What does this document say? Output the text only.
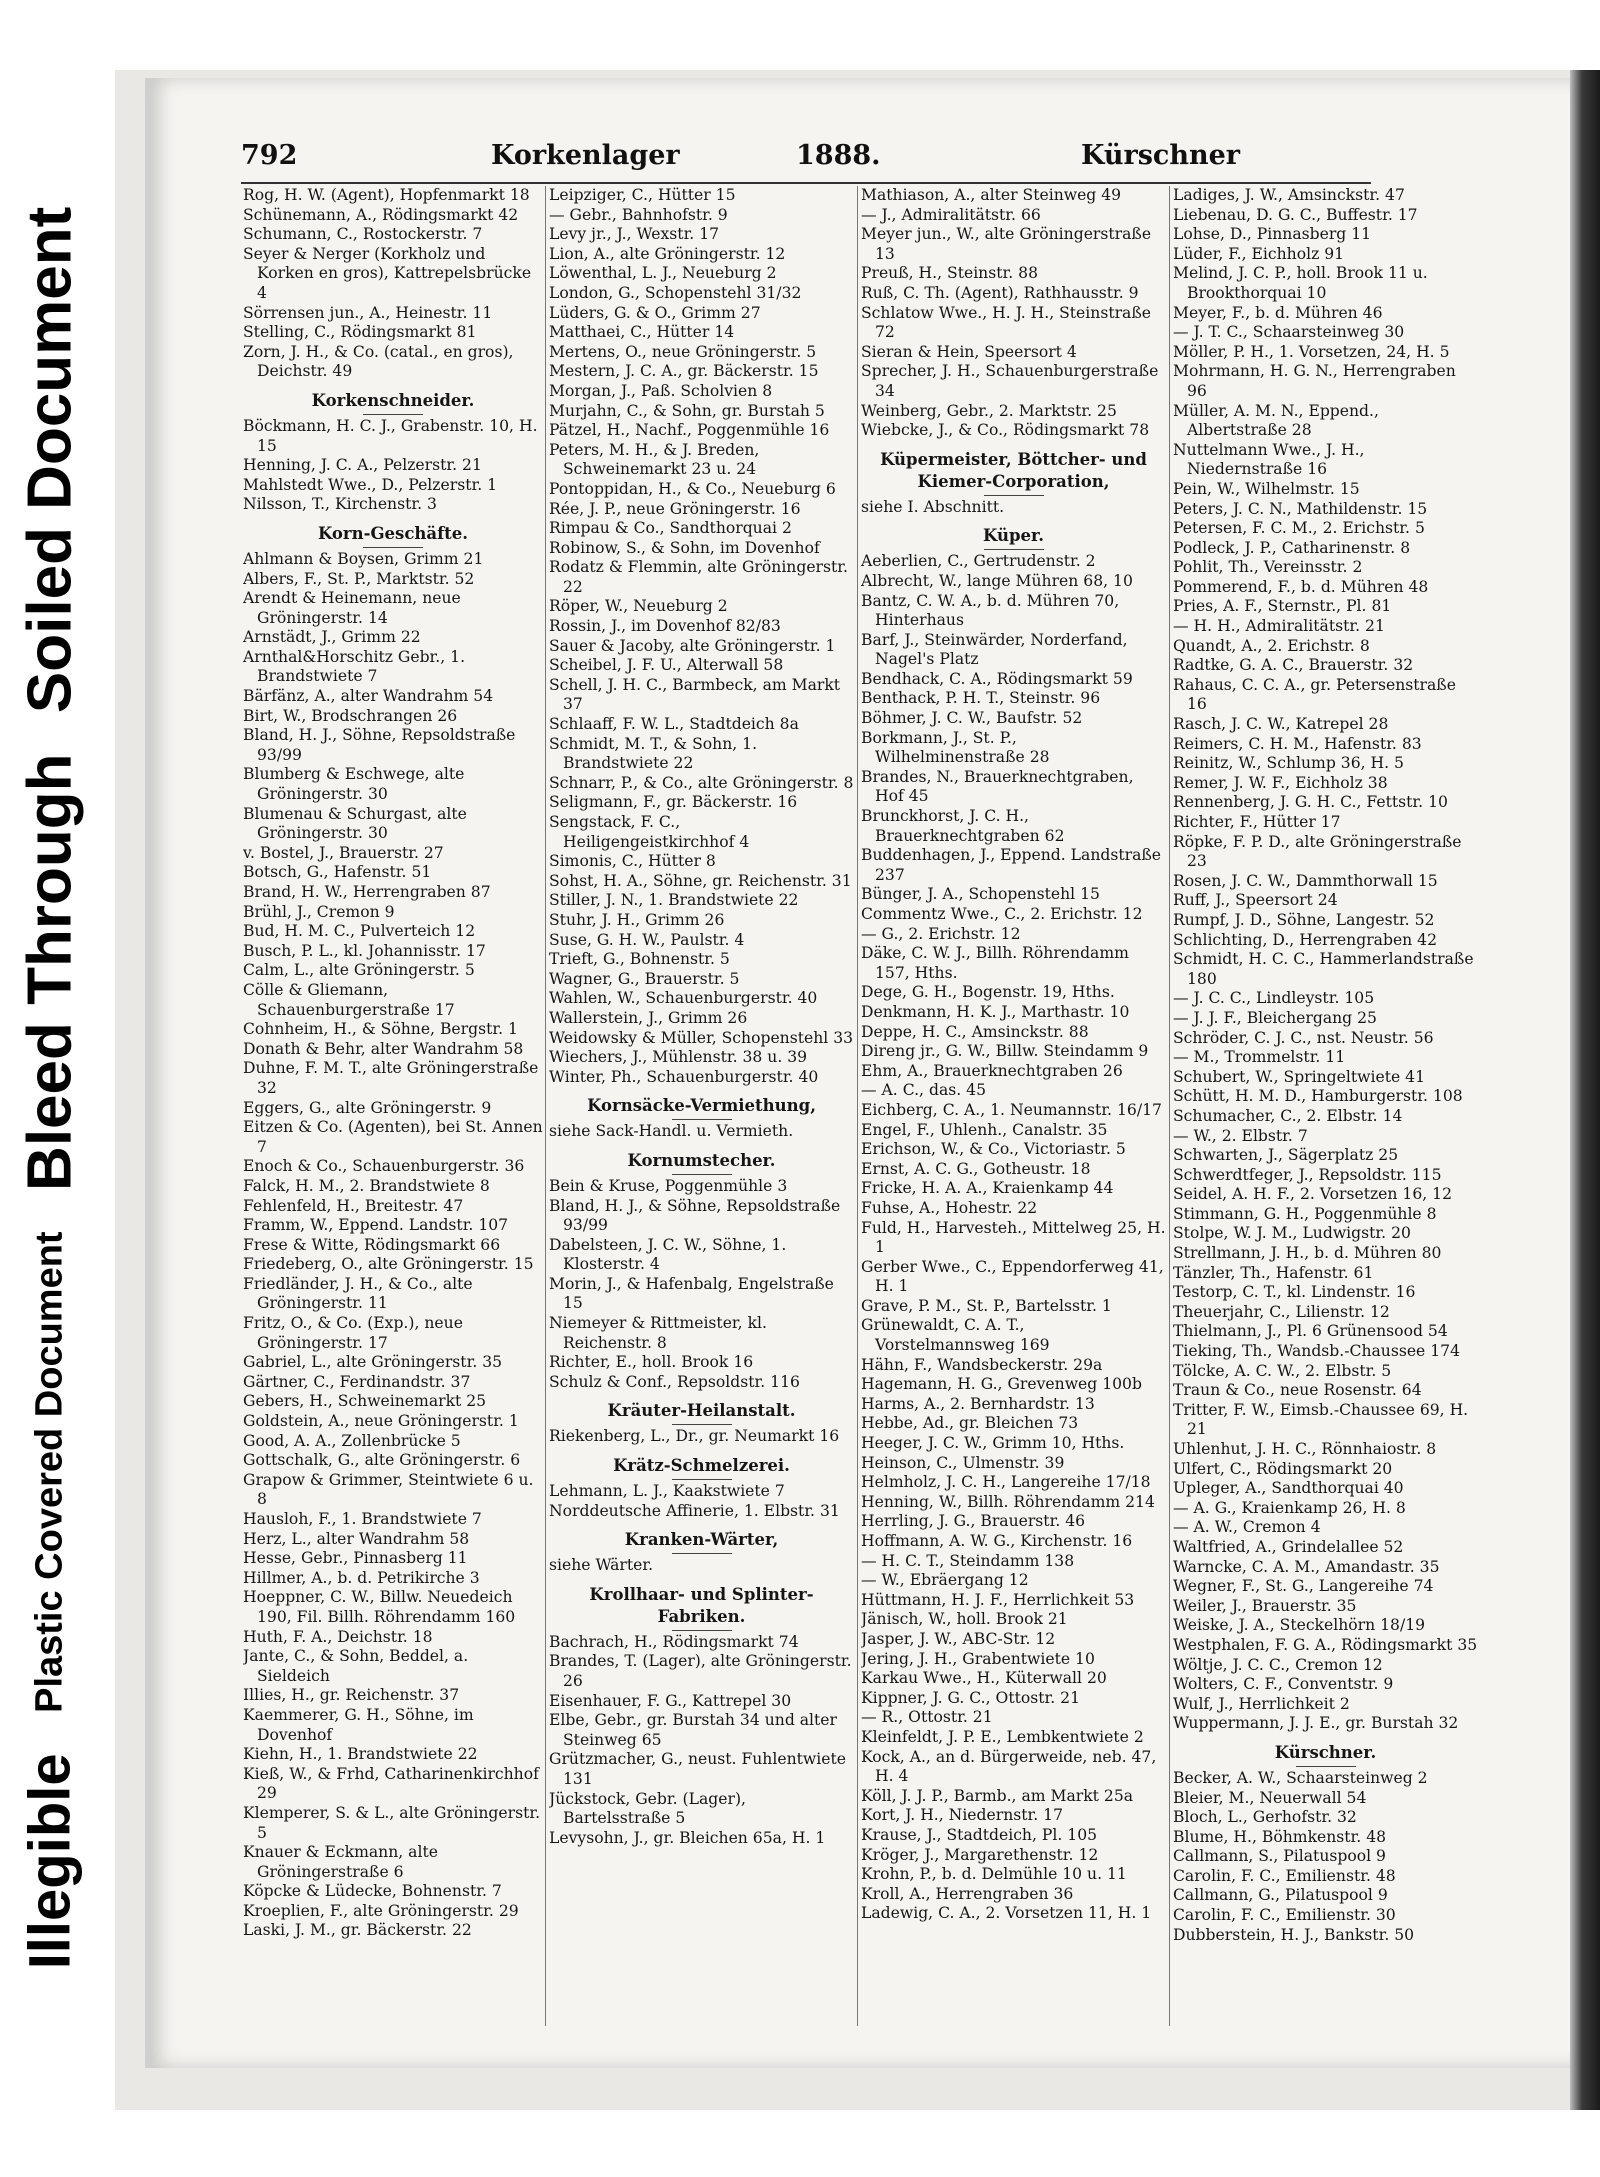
Illegible Plastic Covered Document Bleed Through Soiled Document
792	Korkenlager	1888.	Kürschner
Rog, H. W. (Agent), Hopfenmarkt 18
Schünemann, A., Rödingsmarkt 42
Schumann, C., Rostockerstr. 7
Seyer & Nerger (Korkholz und Korken en gros), Kattrepelsbrücke 4
Sörrensen jun., A., Heinestr. 11
Stelling, C., Rödingsmarkt 81
Zorn, J. H., & Co. (catal., en gros), Deichstr. 49
Korkenschneider.
Böckmann, H. C. J., Grabenstr. 10, H. 15
Henning, J. C. A., Pelzerstr. 21
Mahlstedt Wwe., D., Pelzerstr. 1
Nilsson, T., Kirchenstr. 3
Korn-Geschäfte.
Ahlmann & Boysen, Grimm 21
Albers, F., St. P., Marktstr. 52
Arendt & Heinemann, neue Gröningerstr. 14
Arnstädt, J., Grimm 22
Arnthal&Horschitz Gebr., 1. Brandstwiete 7
Bärfänz, A., alter Wandrahm 54
Birt, W., Brodschrangen 26
Bland, H. J., Söhne, Repsoldstraße 93/99
Blumberg & Eschwege, alte Gröningerstr. 30
Blumenau & Schurgast, alte Gröningerstr. 30
v. Bostel, J., Brauerstr. 27
Botsch, G., Hafenstr. 51
Brand, H. W., Herrengraben 87
Brühl, J., Cremon 9
Bud, H. M. C., Pulverteich 12
Busch, P. L., kl. Johannisstr. 17
Calm, L., alte Gröningerstr. 5
Cölle & Gliemann, Schauenburgerstraße 17
Cohnheim, H., & Söhne, Bergstr. 1
Donath & Behr, alter Wandrahm 58
Duhne, F. M. T., alte Gröningerstraße 32
Eggers, G., alte Gröningerstr. 9
Eitzen & Co. (Agenten), bei St. Annen 7
Enoch & Co., Schauenburgerstr. 36
Falck, H. M., 2. Brandstwiete 8
Fehlenfeld, H., Breitestr. 47
Framm, W., Eppend. Landstr. 107
Frese & Witte, Rödingsmarkt 66
Friedeberg, O., alte Gröningerstr. 15
Friedländer, J. H., & Co., alte Gröningerstr. 11
Fritz, O., & Co. (Exp.), neue Gröningerstr. 17
Gabriel, L., alte Gröningerstr. 35
Gärtner, C., Ferdinandstr. 37
Gebers, H., Schweinemarkt 25
Goldstein, A., neue Gröningerstr. 1
Good, A. A., Zollenbrücke 5
Gottschalk, G., alte Gröningerstr. 6
Grapow & Grimmer, Steintwiete 6 u. 8
Hausloh, F., 1. Brandstwiete 7
Herz, L., alter Wandrahm 58
Hesse, Gebr., Pinnasberg 11
Hillmer, A., b. d. Petrikirche 3
Hoeppner, C. W., Billw. Neuedeich 190, Fil. Billh. Röhrendamm 160
Huth, F. A., Deichstr. 18
Jante, C., & Sohn, Beddel, a. Sieldeich
Illies, H., gr. Reichenstr. 37
Kaemmerer, G. H., Söhne, im Dovenhof
Kiehn, H., 1. Brandstwiete 22
Kieß, W., & Frhd, Catharinenkirchhof 29
Klemperer, S. & L., alte Gröningerstr. 5
Knauer & Eckmann, alte Gröningerstraße 6
Köpcke & Lüdecke, Bohnenstr. 7
Kroeplien, F., alte Gröningerstr. 29
Laski, J. M., gr. Bäckerstr. 22
Leipziger, C., Hütter 15
— Gebr., Bahnhofstr. 9
Levy jr., J., Wexstr. 17
Lion, A., alte Gröningerstr. 12
Löwenthal, L. J., Neueburg 2
London, G., Schopenstehl 31/32
Lüders, G. & O., Grimm 27
Matthaei, C., Hütter 14
Mertens, O., neue Gröningerstr. 5
Mestern, J. C. A., gr. Bäckerstr. 15
Morgan, J., Paß. Scholvien 8
Murjahn, C., & Sohn, gr. Burstah 5
Pätzel, H., Nachf., Poggenmühle 16
Peters, M. H., & J. Breden, Schweinemarkt 23 u. 24
Pontoppidan, H., & Co., Neueburg 6
Rée, J. P., neue Gröningerstr. 16
Rimpau & Co., Sandthorquai 2
Robinow, S., & Sohn, im Dovenhof
Rodatz & Flemmin, alte Gröningerstr. 22
Röper, W., Neueburg 2
Rossin, J., im Dovenhof 82/83
Sauer & Jacoby, alte Gröningerstr. 1
Scheibel, J. F. U., Alterwall 58
Schell, J. H. C., Barmbeck, am Markt 37
Schlaaff, F. W. L., Stadtdeich 8a
Schmidt, M. T., & Sohn, 1. Brandstwiete 22
Schnarr, P., & Co., alte Gröningerstr. 8
Seligmann, F., gr. Bäckerstr. 16
Sengstack, F. C., Heiligengeistkirchhof 4
Simonis, C., Hütter 8
Sohst, H. A., Söhne, gr. Reichenstr. 31
Stiller, J. N., 1. Brandstwiete 22
Stuhr, J. H., Grimm 26
Suse, G. H. W., Paulstr. 4
Trieft, G., Bohnenstr. 5
Wagner, G., Brauerstr. 5
Wahlen, W., Schauenburgerstr. 40
Wallerstein, J., Grimm 26
Weidowsky & Müller, Schopenstehl 33
Wiechers, J., Mühlenstr. 38 u. 39
Winter, Ph., Schauenburgerstr. 40
Kornsäcke-Vermiethung,
siehe Sack-Handl. u. Vermieth.
Kornumstecher.
Bein & Kruse, Poggenmühle 3
Bland, H. J., & Söhne, Repsoldstraße 93/99
Dabelsteen, J. C. W., Söhne, 1. Klosterstr. 4
Morin, J., & Hafenbalg, Engelstraße 15
Niemeyer & Rittmeister, kl. Reichenstr. 8
Richter, E., holl. Brook 16
Schulz & Conf., Repsoldstr. 116
Kräuter-Heilanstalt.
Riekenberg, L., Dr., gr. Neumarkt 16
Krätz-Schmelzerei.
Lehmann, L. J., Kaakstwiete 7
Norddeutsche Affinerie, 1. Elbstr. 31
Kranken-Wärter,
siehe Wärter.
Krollhaar- und Splinter-Fabriken.
Bachrach, H., Rödingsmarkt 74
Brandes, T. (Lager), alte Gröningerstr. 26
Eisenhauer, F. G., Kattrepel 30
Elbe, Gebr., gr. Burstah 34 und alter Steinweg 65
Grützmacher, G., neust. Fuhlentwiete 131
Jückstock, Gebr. (Lager), Bartelsstraße 5
Levysohn, J., gr. Bleichen 65a, H. 1
Mathiason, A., alter Steinweg 49
— J., Admiralitätstr. 66
Meyer jun., W., alte Gröningerstraße 13
Preuß, H., Steinstr. 88
Ruß, C. Th. (Agent), Rathhausstr. 9
Schlatow Wwe., H. J. H., Steinstraße 72
Sieran & Hein, Speersort 4
Sprecher, J. H., Schauenburgerstraße 34
Weinberg, Gebr., 2. Marktstr. 25
Wiebcke, J., & Co., Rödingsmarkt 78
Küpermeister, Böttcher- und Kiemer-Corporation,
siehe I. Abschnitt.
Küper.
Aeberlien, C., Gertrudenstr. 2
Albrecht, W., lange Mühren 68, 10
Bantz, C. W. A., b. d. Mühren 70, Hinterhaus
Barf, J., Steinwärder, Norderfand, Nagel's Platz
Bendhack, C. A., Rödingsmarkt 59
Benthack, P. H. T., Steinstr. 96
Böhmer, J. C. W., Baufstr. 52
Borkmann, J., St. P., Wilhelminenstraße 28
Brandes, N., Brauerknechtgraben, Hof 45
Brunckhorst, J. C. H., Brauerknechtgraben 62
Buddenhagen, J., Eppend. Landstraße 237
Bünger, J. A., Schopenstehl 15
Commentz Wwe., C., 2. Erichstr. 12
— G., 2. Erichstr. 12
Däke, C. W. J., Billh. Röhrendamm 157, Hths.
Dege, G. H., Bogenstr. 19, Hths.
Denkmann, H. K. J., Marthastr. 10
Deppe, H. C., Amsinckstr. 88
Direng jr., G. W., Billw. Steindamm 9
Ehm, A., Brauerknechtgraben 26
— A. C., das. 45
Eichberg, C. A., 1. Neumannstr. 16/17
Engel, F., Uhlenh., Canalstr. 35
Erichson, W., & Co., Victoriastr. 5
Ernst, A. C. G., Gotheustr. 18
Fricke, H. A. A., Kraienkamp 44
Fuhse, A., Hohestr. 22
Fuld, H., Harvesteh., Mittelweg 25, H. 1
Gerber Wwe., C., Eppendorferweg 41, H. 1
Grave, P. M., St. P., Bartelsstr. 1
Grünewaldt, C. A. T., Vorstelmannsweg 169
Hähn, F., Wandsbeckerstr. 29a
Hagemann, H. G., Grevenweg 100b
Harms, A., 2. Bernhardstr. 13
Hebbe, Ad., gr. Bleichen 73
Heeger, J. C. W., Grimm 10, Hths.
Heinson, C., Ulmenstr. 39
Helmholz, J. C. H., Langereihe 17/18
Henning, W., Billh. Röhrendamm 214
Herrling, J. G., Brauerstr. 46
Hoffmann, A. W. G., Kirchenstr. 16
— H. C. T., Steindamm 138
— W., Ebräergang 12
Hüttmann, H. J. F., Herrlichkeit 53
Jänisch, W., holl. Brook 21
Jasper, J. W., ABC-Str. 12
Jering, J. H., Grabentwiete 10
Karkau Wwe., H., Küterwall 20
Kippner, J. G. C., Ottostr. 21
— R., Ottostr. 21
Kleinfeldt, J. P. E., Lembkentwiete 2
Kock, A., an d. Bürgerweide, neb. 47, H. 4
Köll, J. J. P., Barmb., am Markt 25a
Kort, J. H., Niedernstr. 17
Krause, J., Stadtdeich, Pl. 105
Kröger, J., Margarethenstr. 12
Krohn, P., b. d. Delmühle 10 u. 11
Kroll, A., Herrengraben 36
Ladewig, C. A., 2. Vorsetzen 11, H. 1
Ladiges, J. W., Amsinckstr. 47
Liebenau, D. G. C., Buffestr. 17
Lohse, D., Pinnasberg 11
Lüder, F., Eichholz 91
Melind, J. C. P., holl. Brook 11 u. Brookthorquai 10
Meyer, F., b. d. Mühren 46
— J. T. C., Schaarsteinweg 30
Möller, P. H., 1. Vorsetzen, 24, H. 5
Mohrmann, H. G. N., Herrengraben 96
Müller, A. M. N., Eppend., Albertstraße 28
Nuttelmann Wwe., J. H., Niedernstraße 16
Pein, W., Wilhelmstr. 15
Peters, J. C. N., Mathildenstr. 15
Petersen, F. C. M., 2. Erichstr. 5
Podleck, J. P., Catharinenstr. 8
Pohlit, Th., Vereinsstr. 2
Pommerend, F., b. d. Mühren 48
Pries, A. F., Sternstr., Pl. 81
— H. H., Admiralitätstr. 21
Quandt, A., 2. Erichstr. 8
Radtke, G. A. C., Brauerstr. 32
Rahaus, C. C. A., gr. Petersenstraße 16
Rasch, J. C. W., Katrepel 28
Reimers, C. H. M., Hafenstr. 83
Reinitz, W., Schlump 36, H. 5
Remer, J. W. F., Eichholz 38
Rennenberg, J. G. H. C., Fettstr. 10
Richter, F., Hütter 17
Röpke, F. P. D., alte Gröningerstraße 23
Rosen, J. C. W., Dammthorwall 15
Ruff, J., Speersort 24
Rumpf, J. D., Söhne, Langestr. 52
Schlichting, D., Herrengraben 42
Schmidt, H. C. C., Hammerlandstraße 180
— J. C. C., Lindleystr. 105
— J. J. F., Bleichergang 25
Schröder, C. J. C., nst. Neustr. 56
— M., Trommelstr. 11
Schubert, W., Springeltwiete 41
Schütt, H. M. D., Hamburgerstr. 108
Schumacher, C., 2. Elbstr. 14
— W., 2. Elbstr. 7
Schwarten, J., Sägerplatz 25
Schwerdtfeger, J., Repsoldstr. 115
Seidel, A. H. F., 2. Vorsetzen 16, 12
Stimmann, G. H., Poggenmühle 8
Stolpe, W. J. M., Ludwigstr. 20
Strellmann, J. H., b. d. Mühren 80
Tänzler, Th., Hafenstr. 61
Testorp, C. T., kl. Lindenstr. 16
Theuerjahr, C., Lilienstr. 12
Thielmann, J., Pl. 6 Grünensood 54
Tieking, Th., Wandsb.-Chaussee 174
Tölcke, A. C. W., 2. Elbstr. 5
Traun & Co., neue Rosenstr. 64
Tritter, F. W., Eimsb.-Chaussee 69, H. 21
Uhlenhut, J. H. C., Rönnhaiostr. 8
Ulfert, C., Rödingsmarkt 20
Upleger, A., Sandthorquai 40
— A. G., Kraienkamp 26, H. 8
— A. W., Cremon 4
Waltfried, A., Grindelallee 52
Warncke, C. A. M., Amandastr. 35
Wegner, F., St. G., Langereihe 74
Weiler, J., Brauerstr. 35
Weiske, J. A., Steckelhörn 18/19
Westphalen, F. G. A., Rödingsmarkt 35
Wöltje, J. C. C., Cremon 12
Wolters, C. F., Conventstr. 9
Wulf, J., Herrlichkeit 2
Wuppermann, J. J. E., gr. Burstah 32
Kürschner.
Becker, A. W., Schaarsteinweg 2
Bleier, M., Neuerwall 54
Bloch, L., Gerhofstr. 32
Blume, H., Böhmkenstr. 48
Callmann, S., Pilatuspool 9
Carolin, F. C., Emilienstr. 48
Callmann, G., Pilatuspool 9
Carolin, F. C., Emilienstr. 30
Dubberstein, H. J., Bankstr. 50
